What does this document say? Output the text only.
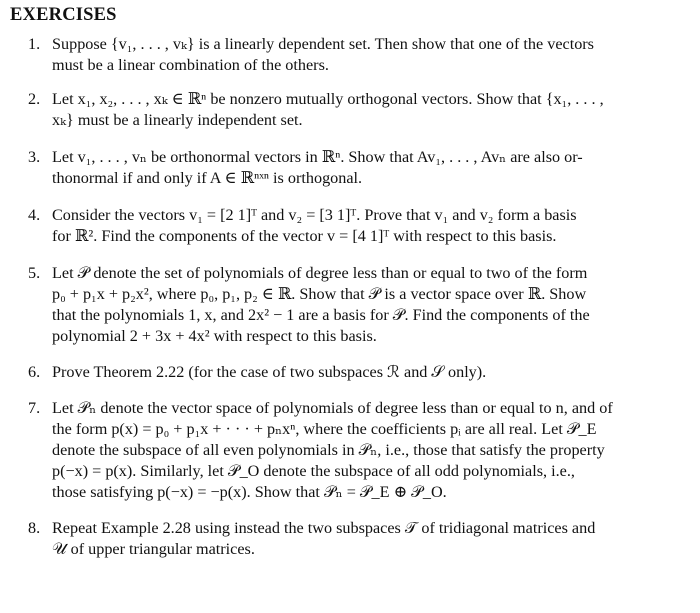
EXERCISES
1. Suppose {v₁, . . . , vₖ} is a linearly dependent set. Then show that one of the vectors
must be a linear combination of the others.
2. Let x₁, x₂, . . . , xₖ ∈ ℝⁿ be nonzero mutually orthogonal vectors. Show that {x₁, . . . ,
xₖ} must be a linearly independent set.
3. Let v₁, . . . , vₙ be orthonormal vectors in ℝⁿ. Show that Av₁, . . . , Avₙ are also or-
thonormal if and only if A ∈ ℝⁿˣⁿ is orthogonal.
4. Consider the vectors v₁ = [2 1]ᵀ and v₂ = [3 1]ᵀ. Prove that v₁ and v₂ form a basis
for ℝ². Find the components of the vector v = [4 1]ᵀ with respect to this basis.
5. Let 𝒫 denote the set of polynomials of degree less than or equal to two of the form
p₀ + p₁x + p₂x², where p₀, p₁, p₂ ∈ ℝ. Show that 𝒫 is a vector space over ℝ. Show
that the polynomials 1, x, and 2x² − 1 are a basis for 𝒫. Find the components of the
polynomial 2 + 3x + 4x² with respect to this basis.
6. Prove Theorem 2.22 (for the case of two subspaces ℛ and 𝒮 only).
7. Let 𝒫ₙ denote the vector space of polynomials of degree less than or equal to n, and of
the form p(x) = p₀ + p₁x + · · · + pₙxⁿ, where the coefficients pᵢ are all real. Let 𝒫_E
denote the subspace of all even polynomials in 𝒫ₙ, i.e., those that satisfy the property
p(−x) = p(x). Similarly, let 𝒫_O denote the subspace of all odd polynomials, i.e.,
those satisfying p(−x) = −p(x). Show that 𝒫ₙ = 𝒫_E ⊕ 𝒫_O.
8. Repeat Example 2.28 using instead the two subspaces 𝒯 of tridiagonal matrices and
𝒰 of upper triangular matrices.
